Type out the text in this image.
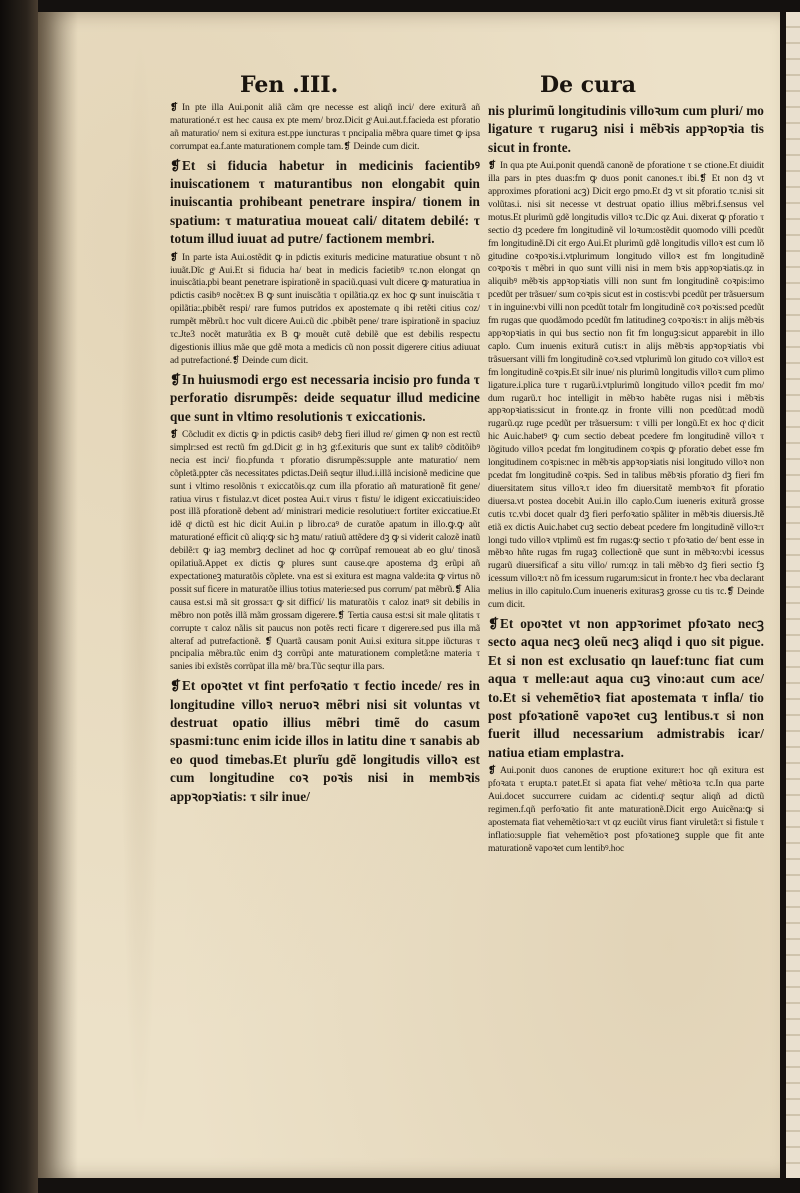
Fen .III.	De cura
❡ In pte illa Aui.ponit aliã cãm qre necesse est aliqñ inci/ dere exiturã añ maturationé.τ est hec causa ex pte mem/ broz.Dicit gͦ Aui.aut.f.facieda est pforatio añ maturatio/ nem si exitura est.ppe iuncturas τ pncipalia mẽbra quare timet ꝙ ipsa corrumpat ea.f.ante maturationem comple tam.❡ Deinde cum dicit.
❡Et si fiducia habetur in medicinis facientibꝰ inuiscationem τ maturantibus non elongabit quin inuiscantia prohibeant penetrare inspira/ tionem in spatium: τ maturatiua moueat cali/ ditatem debilé: τ totum illud iuuat ad putre/ factionem membri.
❡ In parte ista Aui.ostẽdit ꝙ in pdictis exituris medicine maturatiue obsunt τ nõ iuuãt.Dĩc gͦ Aui.Et si fiducia ha/ beat in medicis facietibꝰ τc.non elongat qn inuiscãtia.pbi beant penetrare ispirationẽ in spaciũ.quasi vult dicere ꝙ maturatiua in pdictis casibꝰ nocẽt:ex B ꝙ sunt inuiscãtia τ opilãtia.qz ex hoc ꝙ sunt inuiscãtia τ opilãtia:.pbibẽt respi/ rare fumos putridos ex apostemate q ibi retẽti citius coz/ rumpẽt mẽbrũ.τ hoc vult dicere Aui.cũ dic .pbibẽt pene/ trare ispirationẽ in spaciuz τc.Jte3 nocẽt maturãtia ex B ꝙ mouẽt cutẽ debilẽ que est debilis respectu digestionis illius mãe que gdẽ mota a medicis cũ non possit digerere citius adiuuat ad putrefactioné.❡ Deinde cum dicit.
❡In huiusmodi ergo est necessaria incisio pro funda τ perforatio disrumpẽs: deide sequatur illud medicine que sunt in vltimo resolutionis τ exiccationis.
❡ Cõcludit ex dictis ꝙ in pdictis casibꝰ debꝫ fieri illud re/ gimen ꝙ non est rectũ simplr:sed est rectũ fm gd.Dicit gͦ. in hꝫ gͦ.f.exituris que sunt ex talibꝰ cõditõibꝰ necia est inci/ fio.pfunda τ pforatio disrumpẽs:supple ante maturatio/ nem cõpletã.ppter cãs necessitates pdictas.Deiñ seqtur illud.i.illã incisionẽ medicine que sunt i vltimo resolõnis τ exiccatõis.qz cum illa pforatio añ maturationẽ fit gene/ ratiua virus τ fistulaz.vt dicet postea Aui.τ virus τ fistu/ le idigent exiccatiuis:ideo post illã pforationẽ debent ad/ ministrari medicie resolutiue:τ fortiter exiccatiue.Et idẽ qͦ dictũ est hic dicit Aui.in p libro.caꝰ de curatõe apatum in illo.ꝙ.ꝙ aũt maturationé efficit cũ aliq:ꝙ sic hꝫ matu/ ratiuũ attẽdere dꝫ ꝙ si viderit calozẽ inatũ debilẽ:τ ꝙ iaꝫ membrꝫ declinet ad hoc ꝙ corrũpaf remoueat ab eo glu/ tinosã opilatiuã.Appet ex dictis ꝙ plures sunt cause.qre apostema dꝫ erũpi añ expectationeꝫ maturatõis cõplete. vna est si exitura est magna valde:ita ꝙ virtus nõ possit suf ficere in maturatõe illius totius materie:sed pus corrum/ pat mẽbrũ.❡ Alia causa est.si mã sit grossa:τ ꝙ sit difficí/ lis maturatõis τ caloz inatꝰ sit debilis in mẽbro non potẽs illã mãm grossam digerere.❡ Tertia causa est:si sit male qlitatis τ corrupte τ caloz nãlis sit paucus non potẽs recti ficare τ digerere.sed pus illa mã alteraf ad putrefactionẽ. ❡ Quartã causam ponit Aui.si exitura sit.ppe iũcturas τ pncipalia mẽbra.tũc enim dꝫ corrũpi ante maturationem completã:ne materia τ sanies ibi exĩstẽs corrũpat illa mẽ/ bra.Tũc seqtur illa pars.
❡Et opoꝛtet vt fint perfoꝛatio τ fectio incede/ res in longitudine villoꝛ neruoꝛ mẽbri nisi sit voluntas vt destruat opatio illius mẽbri timẽ do casum spasmi:tunc enim icide illos in latitu dine τ sanabis ab eo quod timebas.Et plurĩu gdẽ longitudis villoꝛ est cum longitudine coꝛ poꝛis nisi in membꝛis appꝛopꝛiatis: τ silr inue/
nis plurimũ longitudinis villoꝛum cum pluri/ mo ligature τ rugaruꝫ nisi i mẽbꝛis appꝛopꝛia tis sicut in fronte.
❡ In qua pte Aui.ponit quendã canonẽ de pforatione τ se ctione.Et diuidit illa pars in ptes duas:fm ꝙ duos ponit canones.τ ibi.❡ Et non dꝫ vt approximes pforationi acꝫ) Dicit ergo pmo.Et dꝫ vt sit pforatio τc.nisi sit volũtas.i. nisi sit necesse vt destruat opatio illius mẽbri.f.sensus vel motus.Et plurimũ gdẽ longitudis villoꝛ τc.Dic qz Aui. dixerat ꝙ pforatio τ sectio dꝫ pcedere fm longitudinẽ vil loꝛum:ostẽdit quomodo villi pcedũt fm longitudinẽ.Di cit ergo Aui.Et plurimũ gdẽ longitudis villoꝛ est cum lõ gitudine coꝛpoꝛis.i.vtplurimum longitudo villoꝛ est fm longitudinẽ coꝛpoꝛis τ mẽbri in quo sunt villi nisi in mem bꝛis appꝛopꝛiatis.qz in aliquibꝰ mẽbꝛis appꝛopꝛiatis villi non sunt fm longitudinẽ coꝛpis:imo pcedũt per trãsuer/ sum coꝛpis sicut est in costis:vbi pcedũt per trãsuersum τ in inguine:vbi villi non pcedũt totalr fm longitudinẽ coꝛ poꝛis:sed pcedũt fm rugas que quodãmodo pcedũt fm latitudineꝫ coꝛpoꝛis:τ in alijs mẽbꝛis appꝛopꝛiatis in qui bus sectio non fit fm longuꝫ:sicut apparebit in illo caplo. Cum inuenis exiturã cutis:τ in alijs mẽbꝛis appꝛopꝛiatis vbi trãsuersant villi fm longitudinẽ coꝛ.sed vtplurimũ lon gitudo coꝛ villoꝛ est fm longitudinẽ coꝛpis.Et silr inue/ nis plurimũ longitudis villoꝛ cum plimo ligature.i.plica ture τ rugarũ.i.vtplurimũ longitudo villoꝛ pcedit fm mo/ dum rugarũ.τ hoc intelligit in mẽbꝛo habẽte rugas nisi i mẽbꝛis appꝛopꝛiatis:sicut in fronte.qz in fronte villi non pcedũt:ad modũ rugarũ.qz ruge pcedũt per trãsuersum: τ villi per longũ.Et ex hoc qͦ dicit hic Auic.habetꝰ ꝙ cum sectio debeat pcedere fm longitudinẽ villoꝛ τ lõgitudo villoꝛ pcedat fm longitudinem coꝛpis ꝙ pforatio debet esse fm longitudinem coꝛpis:nec in mẽbꝛis appꝛopꝛiatis nisi longitudo villoꝛ non pcedat fm longitudinẽ coꝛpis. Sed in talibus mẽbꝛis pforatio dꝫ fieri fm diuersitatem situs villoꝛ.τ ideo fm diuersitatẽ membꝛoꝛ fit pforatio diuersa.vt postea docebit Aui.in illo caplo.Cum iueneris exiturã grosse cutis τc.vbi docet qualr dꝫ fieri perfoꝛatio spãliter in mẽbꝛis diuersis.Jtẽ etiã ex dictis Auic.habet cuꝫ sectio debeat pcedere fm longitudinẽ villoꝛ:τ longi tudo villoꝛ vtplimũ est fm rugas:ꝙ sectio τ pfoꝛatio de/ bent esse in mẽbꝛo hñte rugas fm rugaꝫ collectionẽ que sunt in mẽbꝛo:vbi icessus rugarũ diuersificaf a situ villo/ rum:qz in tali mẽbꝛo dꝫ fieri sectio fꝫ icessum villoꝛ:τ nõ fm icessum rugarum:sicut in fronte.τ hec vba declarant melius in illo capitulo.Cum inueneris exiturasꝫ grosse cu tis τc.❡ Deinde cum dicit.
❡Et opoꝛtet vt non appꝛorimet pfoꝛato necꝫ secto aqua necꝫ oleũ necꝫ aliqd i quo sit pigue. Et si non est exclusatio qn lauef:tunc fiat cum aqua τ melle:aut aqua cuꝫ vino:aut cum ace/ to.Et si vehemẽtioꝛ fiat apostemata τ infla/ tio post pfoꝛationẽ vapoꝛet cuꝫ lentibus.τ si non fuerit illud necessarium admistrabis icar/ natiua etiam emplastra.
❡ Aui.ponit duos canones de eruptione exiture:τ hoc qñ exitura est pfoꝛata τ erupta.τ patet.Et si apata fiat vehe/ mẽtioꝛa τc.In qua parte Aui.docet succurrere cuidam ac cidenti.qͦ seqtur aliqñ ad dictũ regimen.f.qñ perfoꝛatio fit ante maturationẽ.Dicit ergo Auicẽna:ꝙ si apostemata fiat vehemẽtioꝛa:τ vt qz euciũt virus fiant viruletã:τ si fistule τ inflatio:supple fiat vehemẽtioꝛ post pfoꝛationeꝫ supple que fit ante maturationẽ vapoꝛet cum lentibꝰ.hoc
